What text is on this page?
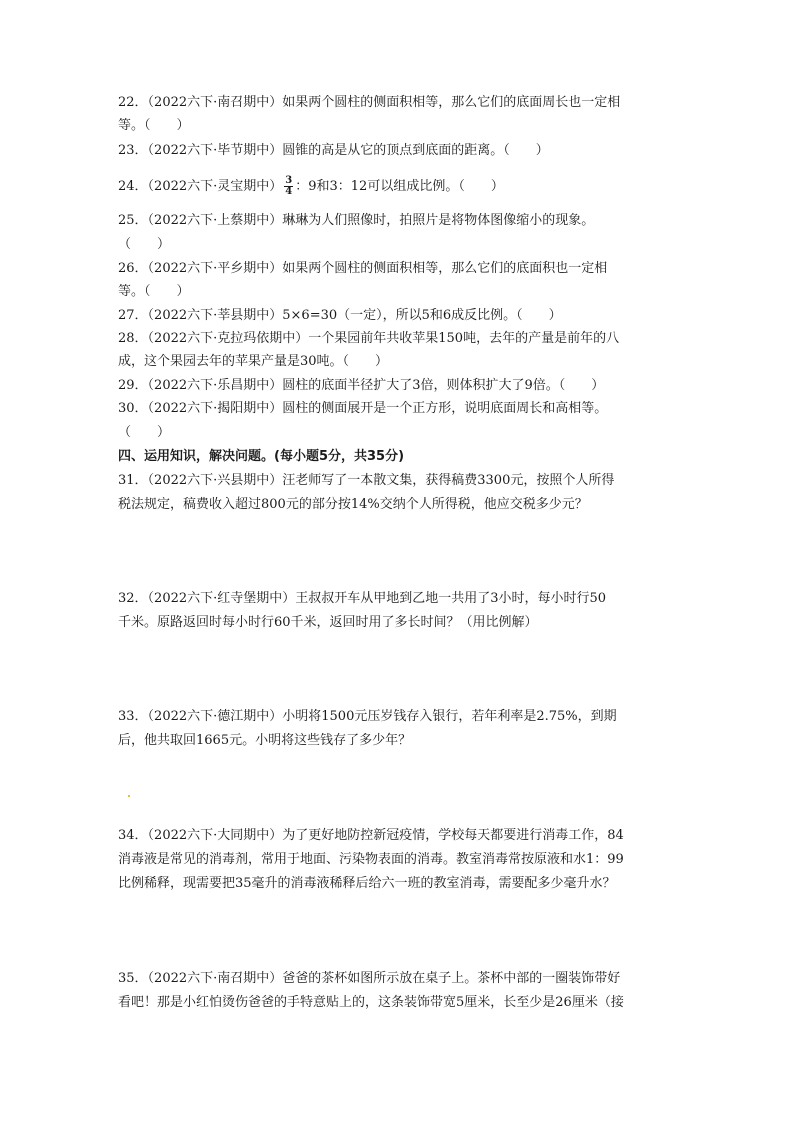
22．（2022六下·南召期中）如果两个圆柱的侧面积相等，那么它们的底面周长也一定相
等。（　　）
23．（2022六下·毕节期中）圆锥的高是从它的顶点到底面的距离。（　　）
24．（2022六下·灵宝期中） $\frac{3}{4}$ ：9和3：12可以组成比例。（　　）
25．（2022六下·上蔡期中）琳琳为人们照像时，拍照片是将物体图像缩小的现象。
（　　）
26．（2022六下·平乡期中）如果两个圆柱的侧面积相等，那么它们的底面积也一定相
等。（　　）
27．（2022六下·莘县期中）5×6=30（一定），所以5和6成反比例。（　　）
28．（2022六下·克拉玛依期中）一个果园前年共收苹果150吨，去年的产量是前年的八
成，这个果园去年的苹果产量是30吨。（　　）
29．（2022六下·乐昌期中）圆柱的底面半径扩大了3倍，则体积扩大了9倍。（　　）
30．（2022六下·揭阳期中）圆柱的侧面展开是一个正方形，说明底面周长和高相等。
（　　）
四、运用知识，解决问题。(每小题5分，共35分)
31．（2022六下·兴县期中）汪老师写了一本散文集，获得稿费3300元，按照个人所得
税法规定，稿费收入超过800元的部分按14%交纳个人所得税，他应交税多少元？
32．（2022六下·红寺堡期中）王叔叔开车从甲地到乙地一共用了3小时，每小时行50
千米。原路返回时每小时行60千米，返回时用了多长时间？（用比例解）
33．（2022六下·德江期中）小明将1500元压岁钱存入银行，若年利率是2.75%，到期
后，他共取回1665元。小明将这些钱存了多少年？
34．（2022六下·大同期中）为了更好地防控新冠疫情，学校每天都要进行消毒工作，84
消毒液是常见的消毒剂，常用于地面、污染物表面的消毒。教室消毒常按原液和水1：99
比例稀释，现需要把35毫升的消毒液稀释后给六一班的教室消毒，需要配多少毫升水？
35．（2022六下·南召期中）爸爸的茶杯如图所示放在桌子上。茶杯中部的一圈装饰带好
看吧！那是小红怕烫伤爸爸的手特意贴上的，这条装饰带宽5厘米，长至少是26厘米（接
